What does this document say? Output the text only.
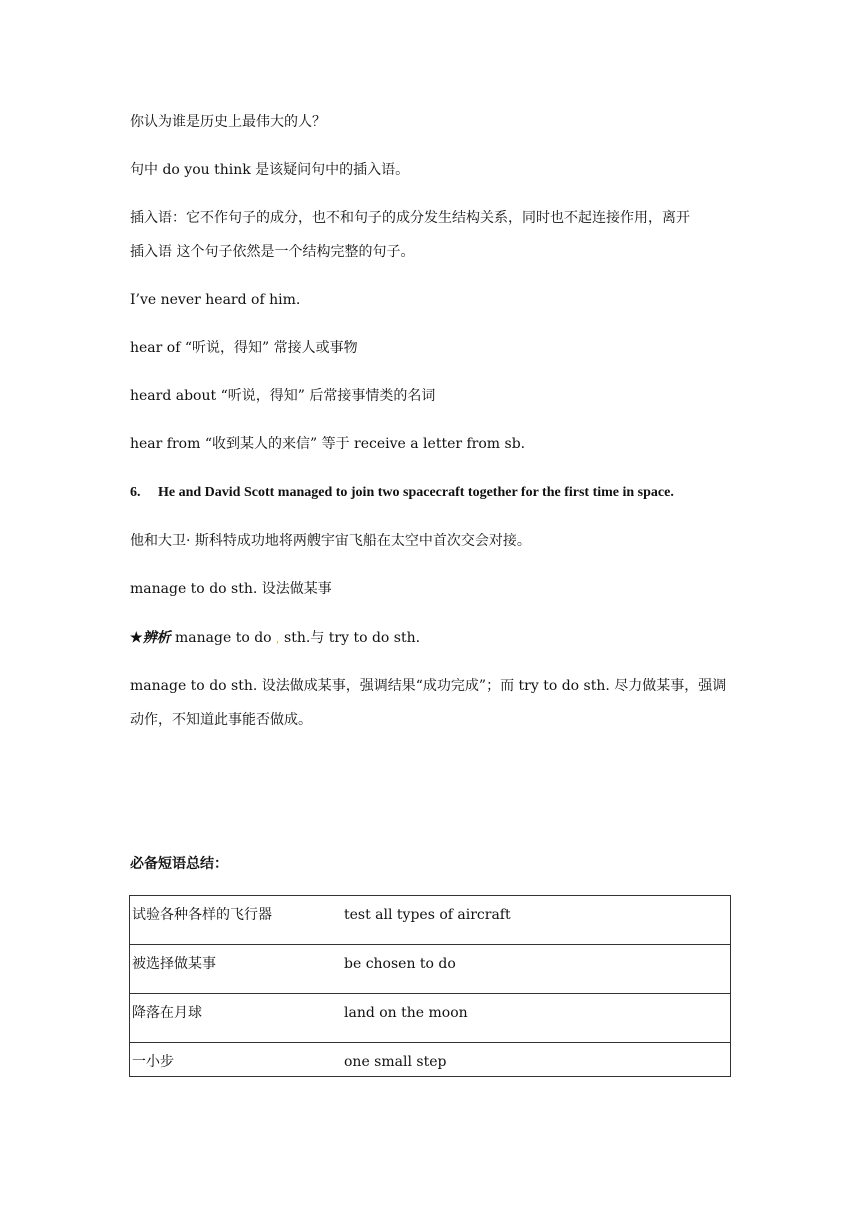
你认为谁是历史上最伟大的人？
句中 do you think 是该疑问句中的插入语。
插入语：它不作句子的成分，也不和句子的成分发生结构关系，同时也不起连接作用，离开
插入语 这个句子依然是一个结构完整的句子。
I’ve never heard of him.
hear of “听说，得知” 常接人或事物
heard about “听说，得知” 后常接事情类的名词
hear from “收到某人的来信” 等于 receive a letter from sb.
6. He and David Scott managed to join two spacecraft together for the first time in space.
他和大卫· 斯科特成功地将两艘宇宙飞船在太空中首次交会对接。
manage to do sth. 设法做某事
★辨析 manage to do ˌ sth.与 try to do sth.
manage to do sth. 设法做成某事，强调结果“成功完成”；而 try to do sth. 尽力做某事，强调
动作，不知道此事能否做成。
必备短语总结：
试验各种各样的飞行器	test all types of aircraft
被选择做某事	be chosen to do
降落在月球	land on the moon
一小步	one small step
